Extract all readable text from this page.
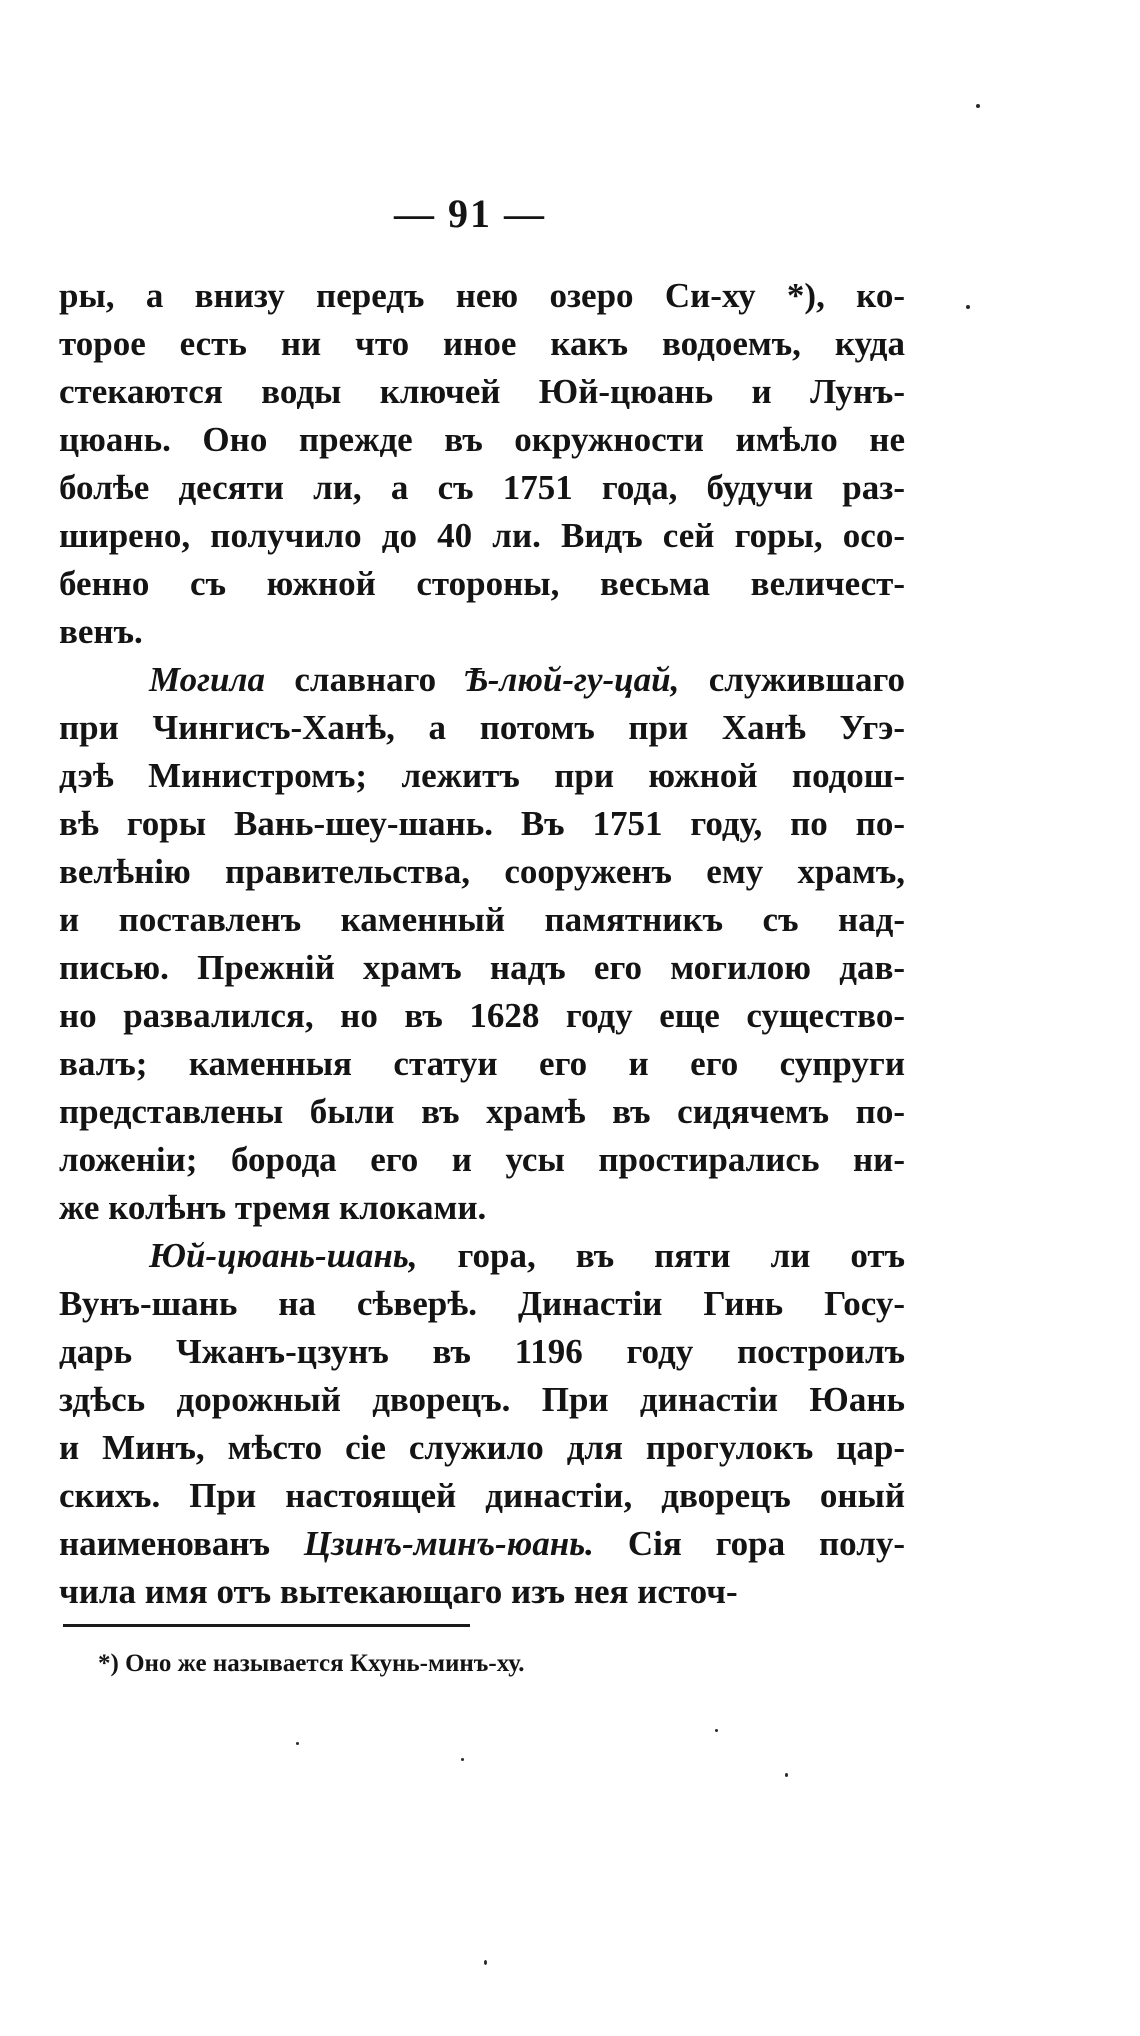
— 91 —
ры, а внизу передъ нею озеро Си-ху *), ко-
торое есть ни что иное какъ водоемъ, куда
стекаются воды ключей Юй-цюань и Лунъ-
цюань. Оно прежде въ окружности имѣло не
болѣе десяти ли, а съ 1751 года, будучи раз-
ширено, получило до 40 ли. Видъ сей горы, осо-
бенно съ южной стороны, весьма величест-
венъ.
Могила славнаго Ѣ-люй-гу-цай, служившаго
при Чингисъ-Ханѣ, а потомъ при Ханѣ Угэ-
дэѣ Министромъ; лежитъ при южной подош-
вѣ горы Вань-шеу-шань. Въ 1751 году, по по-
велѣнію правительства, сооруженъ ему храмъ,
и поставленъ каменный памятникъ съ над-
писью. Прежній храмъ надъ его могилою дав-
но развалился, но въ 1628 году еще существо-
валъ; каменныя статуи его и его супруги
представлены были въ храмѣ въ сидячемъ по-
ложеніи; борода его и усы простирались ни-
же колѣнъ тремя клоками.
Юй-цюань-шань, гора, въ пяти ли отъ
Вунъ-шань на сѣверѣ. Династіи Гинь Госу-
дарь Чжанъ-цзунъ въ 1196 году построилъ
здѣсь дорожный дворецъ. При династіи Юань
и Минъ, мѣсто сіе служило для прогулокъ цар-
скихъ. При настоящей династіи, дворецъ оный
наименованъ Цзинъ-минъ-юань. Сія гора полу-
чила имя отъ вытекающаго изъ нея источ-
*) Оно же называется Кхунь-минъ-ху.
